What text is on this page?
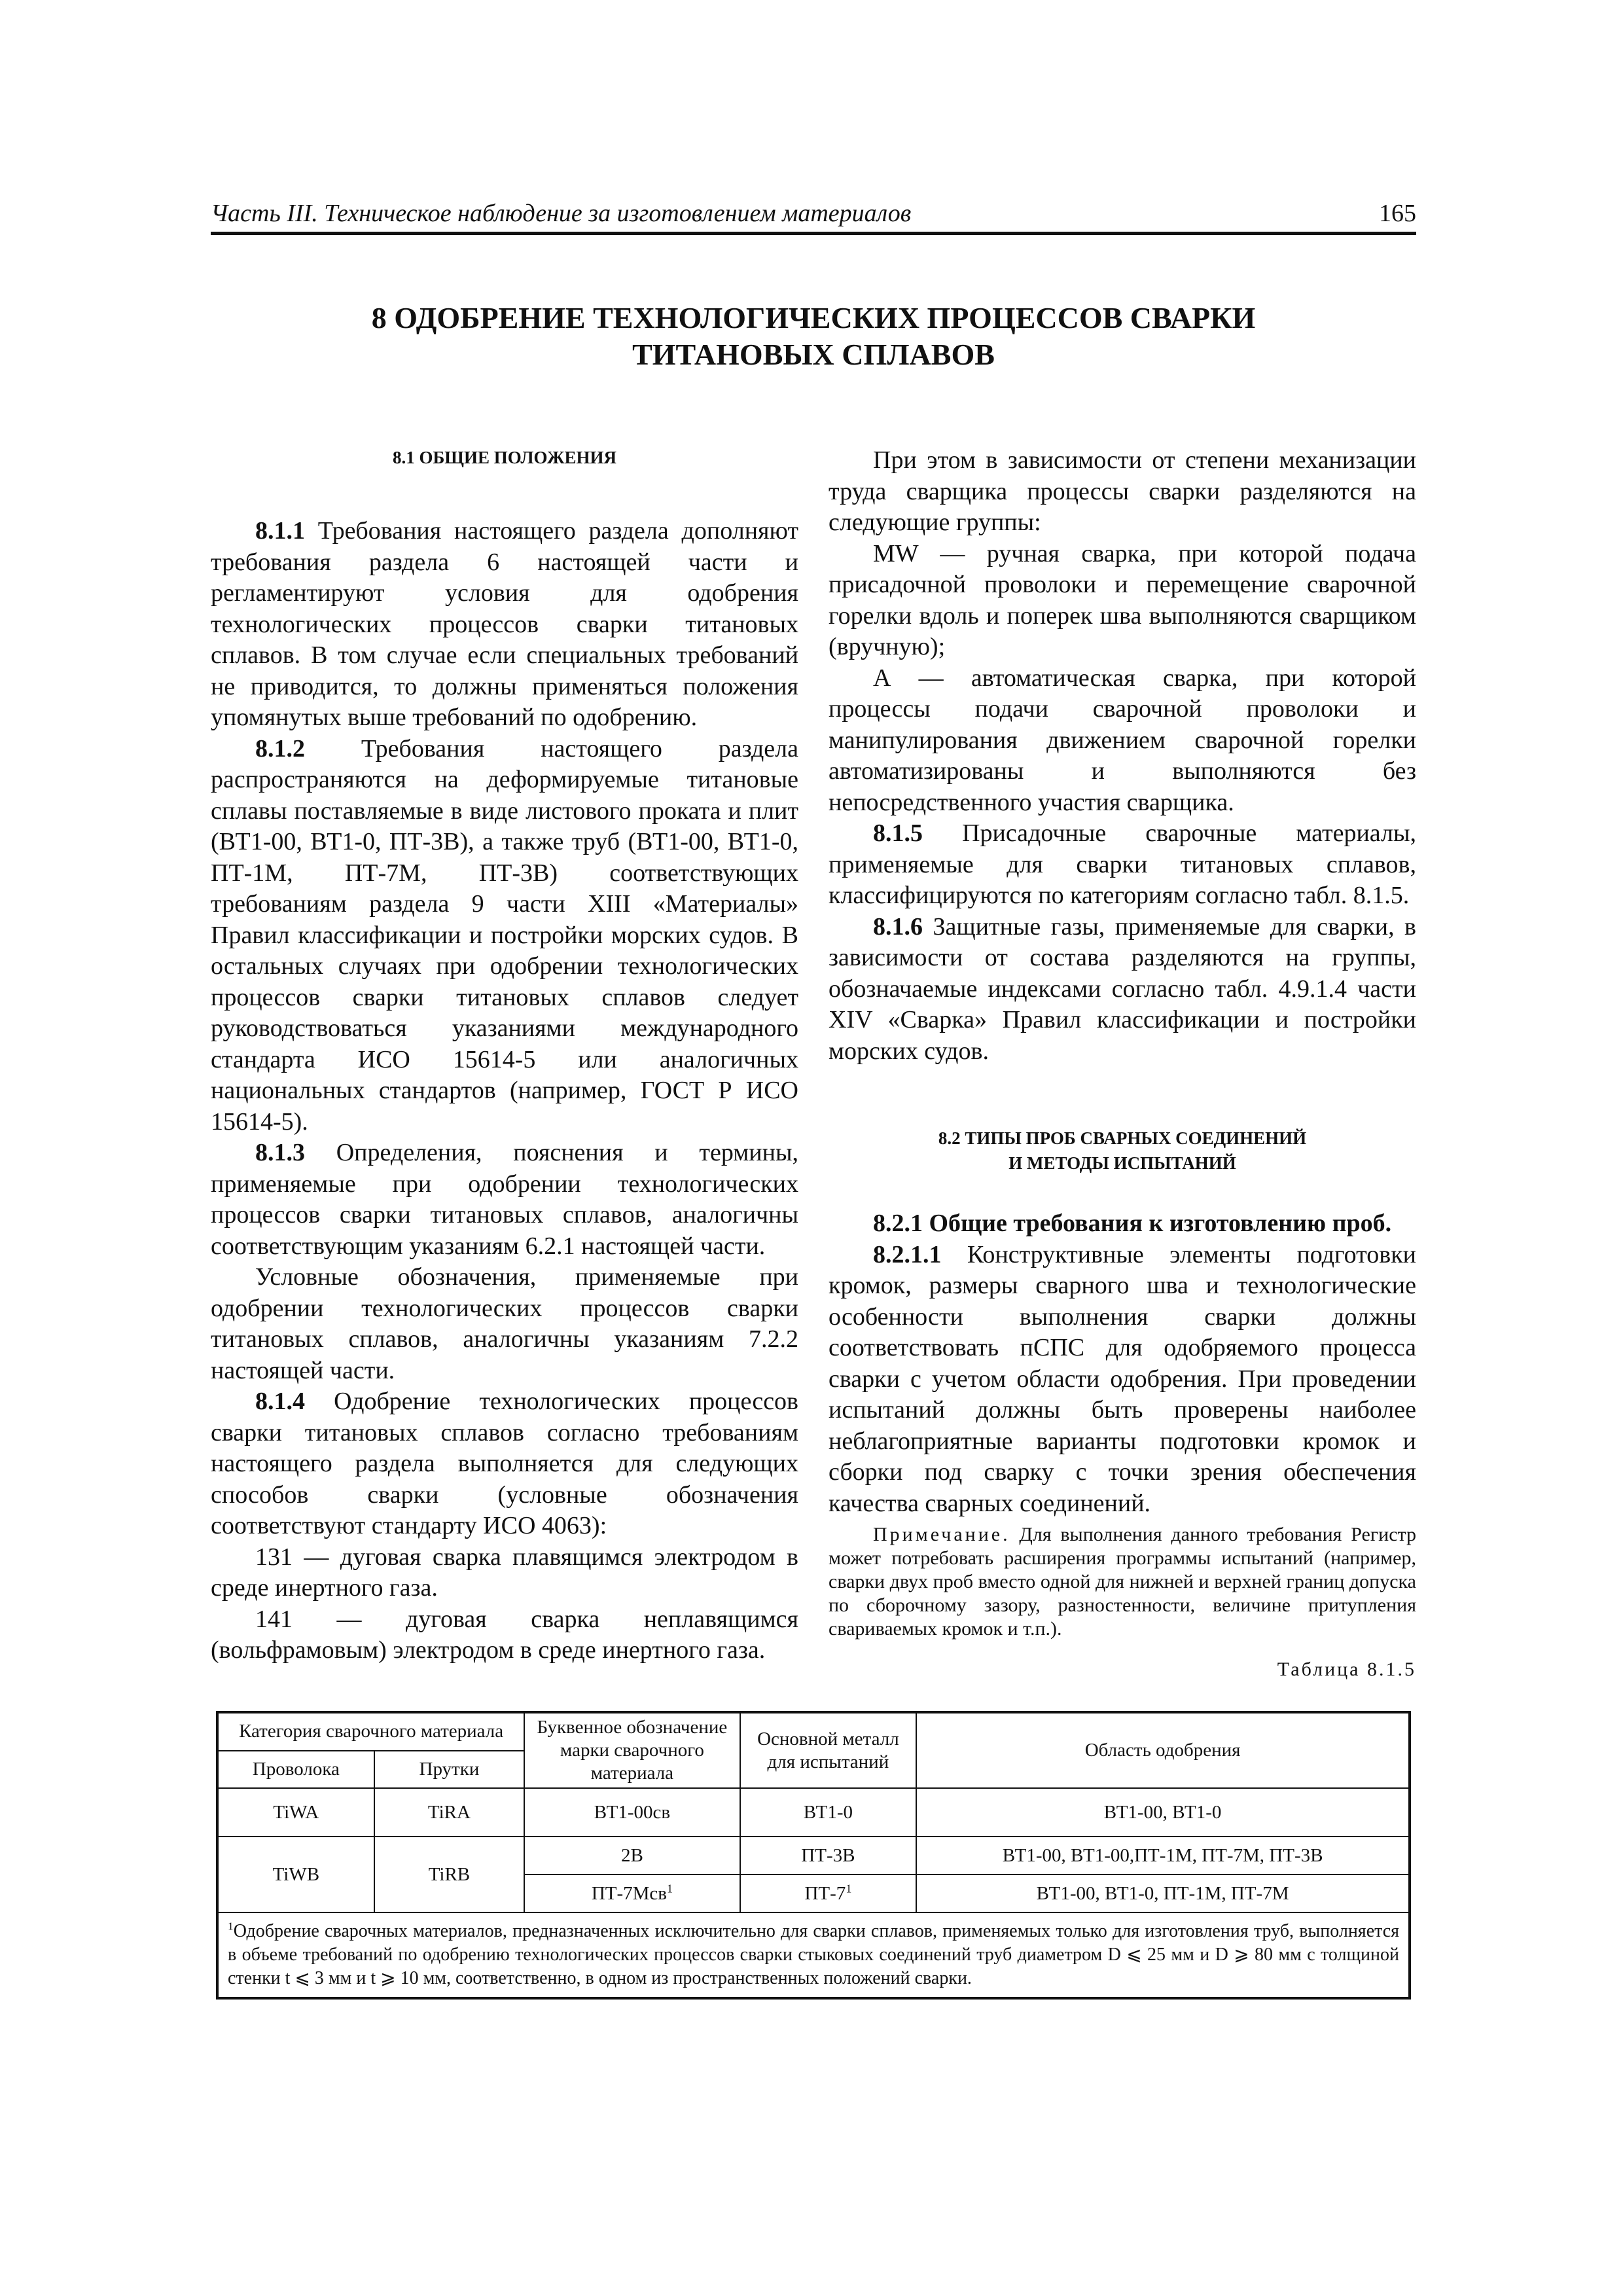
Часть III. Техническое наблюдение за изготовлением материалов	165
8 ОДОБРЕНИЕ ТЕХНОЛОГИЧЕСКИХ ПРОЦЕССОВ СВАРКИ
ТИТАНОВЫХ СПЛАВОВ

8.1 ОБЩИЕ ПОЛОЖЕНИЯ

8.1.1 Требования настоящего раздела дополняют требования раздела 6 настоящей части и регламентируют условия для одобрения технологических процессов сварки титановых сплавов. В том случае если специальных требований не приводится, то должны применяться положения упомянутых выше требований по одобрению.

8.1.2 Требования настоящего раздела распространяются на деформируемые титановые сплавы поставляемые в виде листового проката и плит (ВТ1-00, ВТ1-0, ПТ-3В), а также труб (ВТ1-00, ВТ1-0, ПТ-1М, ПТ-7М, ПТ-3В) соответствующих требованиям раздела 9 части XIII «Материалы» Правил классификации и постройки морских судов. В остальных случаях при одобрении технологических процессов сварки титановых сплавов следует руководствоваться указаниями международного стандарта ИСО 15614-5 или аналогичных национальных стандартов (например, ГОСТ Р ИСО 15614-5).

8.1.3 Определения, пояснения и термины, применяемые при одобрении технологических процессов сварки титановых сплавов, аналогичны соответствующим указаниям 6.2.1 настоящей части.

Условные обозначения, применяемые при одобрении технологических процессов сварки титановых сплавов, аналогичны указаниям 7.2.2 настоящей части.

8.1.4 Одобрение технологических процессов сварки титановых сплавов согласно требованиям настоящего раздела выполняется для следующих способов сварки (условные обозначения соответствуют стандарту ИСО 4063):

131 — дуговая сварка плавящимся электродом в среде инертного газа.

141 — дуговая сварка неплавящимся (вольфрамовым) электродом в среде инертного газа.

При этом в зависимости от степени механизации труда сварщика процессы сварки разделяются на следующие группы:

MW — ручная сварка, при которой подача присадочной проволоки и перемещение сварочной горелки вдоль и поперек шва выполняются сварщиком (вручную);

А — автоматическая сварка, при которой процессы подачи сварочной проволоки и манипулирования движением сварочной горелки автоматизированы и выполняются без непосредственного участия сварщика.

8.1.5 Присадочные сварочные материалы, применяемые для сварки титановых сплавов, классифицируются по категориям согласно табл. 8.1.5.

8.1.6 Защитные газы, применяемые для сварки, в зависимости от состава разделяются на группы, обозначаемые индексами согласно табл. 4.9.1.4 части XIV «Сварка» Правил классификации и постройки морских судов.

8.2 ТИПЫ ПРОБ СВАРНЫХ СОЕДИНЕНИЙ
И МЕТОДЫ ИСПЫТАНИЙ

8.2.1 Общие требования к изготовлению проб.

8.2.1.1 Конструктивные элементы подготовки кромок, размеры сварного шва и технологические особенности выполнения сварки должны соответствовать пСПС для одобряемого процесса сварки с учетом области одобрения. При проведении испытаний должны быть проверены наиболее неблагоприятные варианты подготовки кромок и сборки под сварку с точки зрения обеспечения качества сварных соединений.

Примечание. Для выполнения данного требования Регистр может потребовать расширения программы испытаний (например, сварки двух проб вместо одной для нижней и верхней границ допуска по сборочному зазору, разностенности, величине притупления свариваемых кромок и т.п.).

Таблица 8.1.5

Категория сварочного материала		Буквенное обозначение марки сварочного материала	Основной металл для испытаний	Область одобрения
Проволока	Прутки			
TiWA	TiRA	ВТ1-00св	ВТ1-0	ВТ1-00, ВТ1-0
TiWB	TiRB	2В	ПТ-3В	ВТ1-00, ВТ1-00,ПТ-1М, ПТ-7М, ПТ-3В
		ПТ-7Мсв$^1$	$ПТ-7^1$	ВТ1-00, ВТ1-0, ПТ-1М, ПТ-7М
$^1$Одобрение сварочных материалов, предназначенных исключительно для сварки сплавов, применяемых только для изготовления труб, выполняется в объеме требований по одобрению технологических процессов сварки стыковых соединений труб диаметром D ⩽ 25 мм и D ⩾ 80 мм с толщиной стенки t ⩽ 3 мм и t ⩾ 10 мм, соответственно, в одном из пространственных положений сварки.				
